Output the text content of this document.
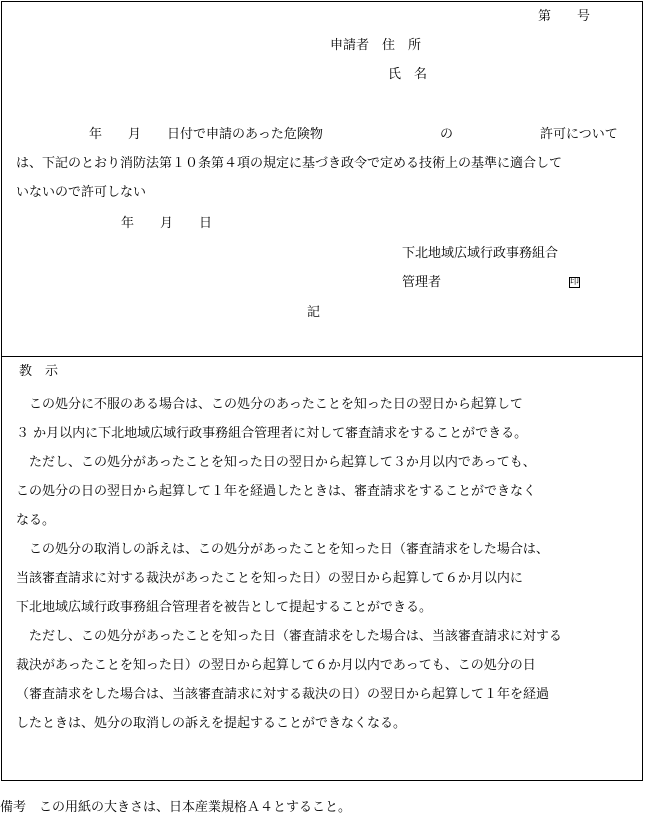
第　　号
申請者　住　所
氏　名
年　　月　　日付で申請のあった危険物	の	許可について
は、下記のとおり消防法第１０条第４項の規定に基づき政令で定める技術上の基準に適合して
いないので許可しない
年　　月　　日
下北地域広域行政事務組合
管理者	印
記
教　示
　この処分に不服のある場合は、この処分のあったことを知った日の翌日から起算して
３ か月以内に下北地域広域行政事務組合管理者に対して審査請求をすることができる。
　ただし、この処分があったことを知った日の翌日から起算して３か月以内であっても、
この処分の日の翌日から起算して１年を経過したときは、審査請求をすることができなく
なる。
　この処分の取消しの訴えは、この処分があったことを知った日（審査請求をした場合は、
当該審査請求に対する裁決があったことを知った日）の翌日から起算して６か月以内に
下北地域広域行政事務組合管理者を被告として提起することができる。
　ただし、この処分があったことを知った日（審査請求をした場合は、当該審査請求に対する
裁決があったことを知った日）の翌日から起算して６か月以内であっても、この処分の日
（審査請求をした場合は、当該審査請求に対する裁決の日）の翌日から起算して１年を経過
したときは、処分の取消しの訴えを提起することができなくなる。
備考　この用紙の大きさは、日本産業規格Ａ４とすること。
